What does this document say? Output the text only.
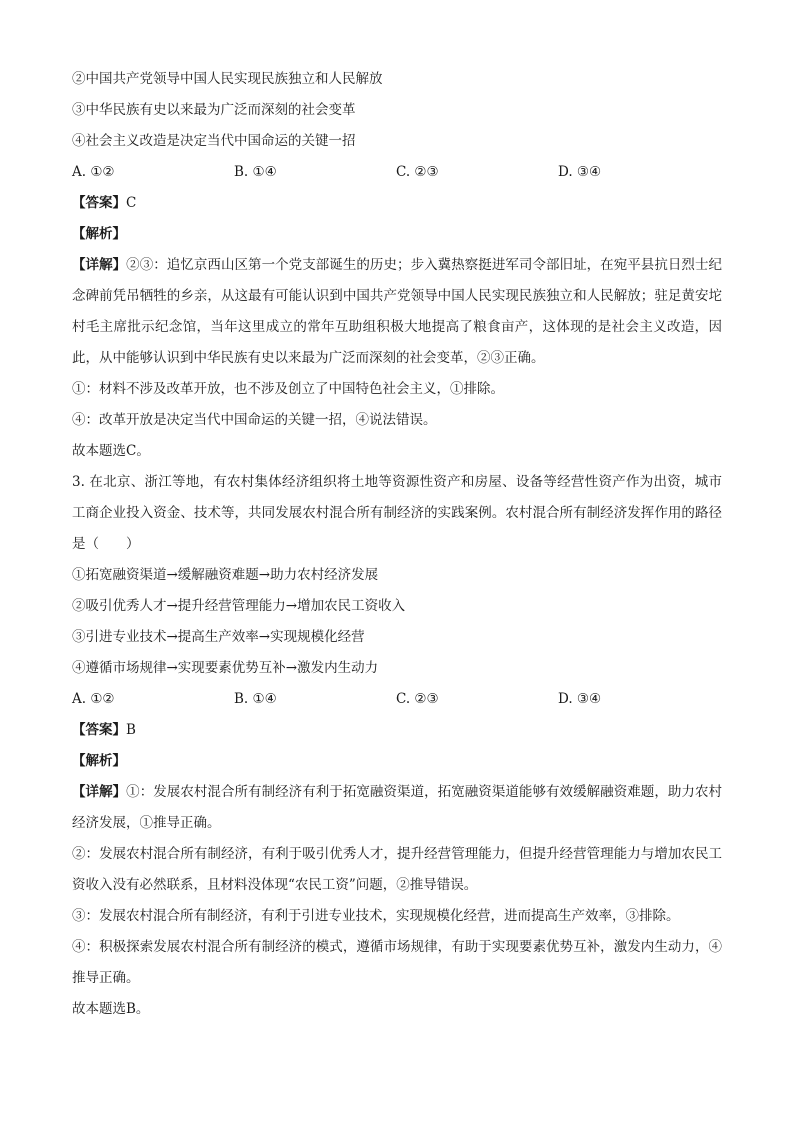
②中国共产党领导中国人民实现民族独立和人民解放
③中华民族有史以来最为广泛而深刻的社会变革
④社会主义改造是决定当代中国命运的关键一招
A. ①②	B. ①④	C. ②③	D. ③④
【答案】C
【解析】
【详解】②③：追忆京西山区第一个党支部诞生的历史；步入冀热察挺进军司令部旧址，在宛平县抗日烈士纪念碑前凭吊牺牲的乡亲，从这最有可能认识到中国共产党领导中国人民实现民族独立和人民解放；驻足黄安坨村毛主席批示纪念馆，当年这里成立的常年互助组积极大地提高了粮食亩产，这体现的是社会主义改造，因此，从中能够认识到中华民族有史以来最为广泛而深刻的社会变革，②③正确。
①：材料不涉及改革开放，也不涉及创立了中国特色社会主义，①排除。
④：改革开放是决定当代中国命运的关键一招，④说法错误。
故本题选C。
3. 在北京、浙江等地，有农村集体经济组织将土地等资源性资产和房屋、设备等经营性资产作为出资，城市工商企业投入资金、技术等，共同发展农村混合所有制经济的实践案例。农村混合所有制经济发挥作用的路径是（　　）
①拓宽融资渠道→缓解融资难题→助力农村经济发展
②吸引优秀人才→提升经营管理能力→增加农民工资收入
③引进专业技术→提高生产效率→实现规模化经营
④遵循市场规律→实现要素优势互补→激发内生动力
A. ①②	B. ①④	C. ②③	D. ③④
【答案】B
【解析】
【详解】①：发展农村混合所有制经济有利于拓宽融资渠道，拓宽融资渠道能够有效缓解融资难题，助力农村经济发展，①推导正确。
②：发展农村混合所有制经济，有利于吸引优秀人才，提升经营管理能力，但提升经营管理能力与增加农民工资收入没有必然联系，且材料没体现“农民工资”问题，②推导错误。
③：发展农村混合所有制经济，有利于引进专业技术，实现规模化经营，进而提高生产效率，③排除。
④：积极探索发展农村混合所有制经济的模式，遵循市场规律，有助于实现要素优势互补，激发内生动力，④推导正确。
故本题选B。
